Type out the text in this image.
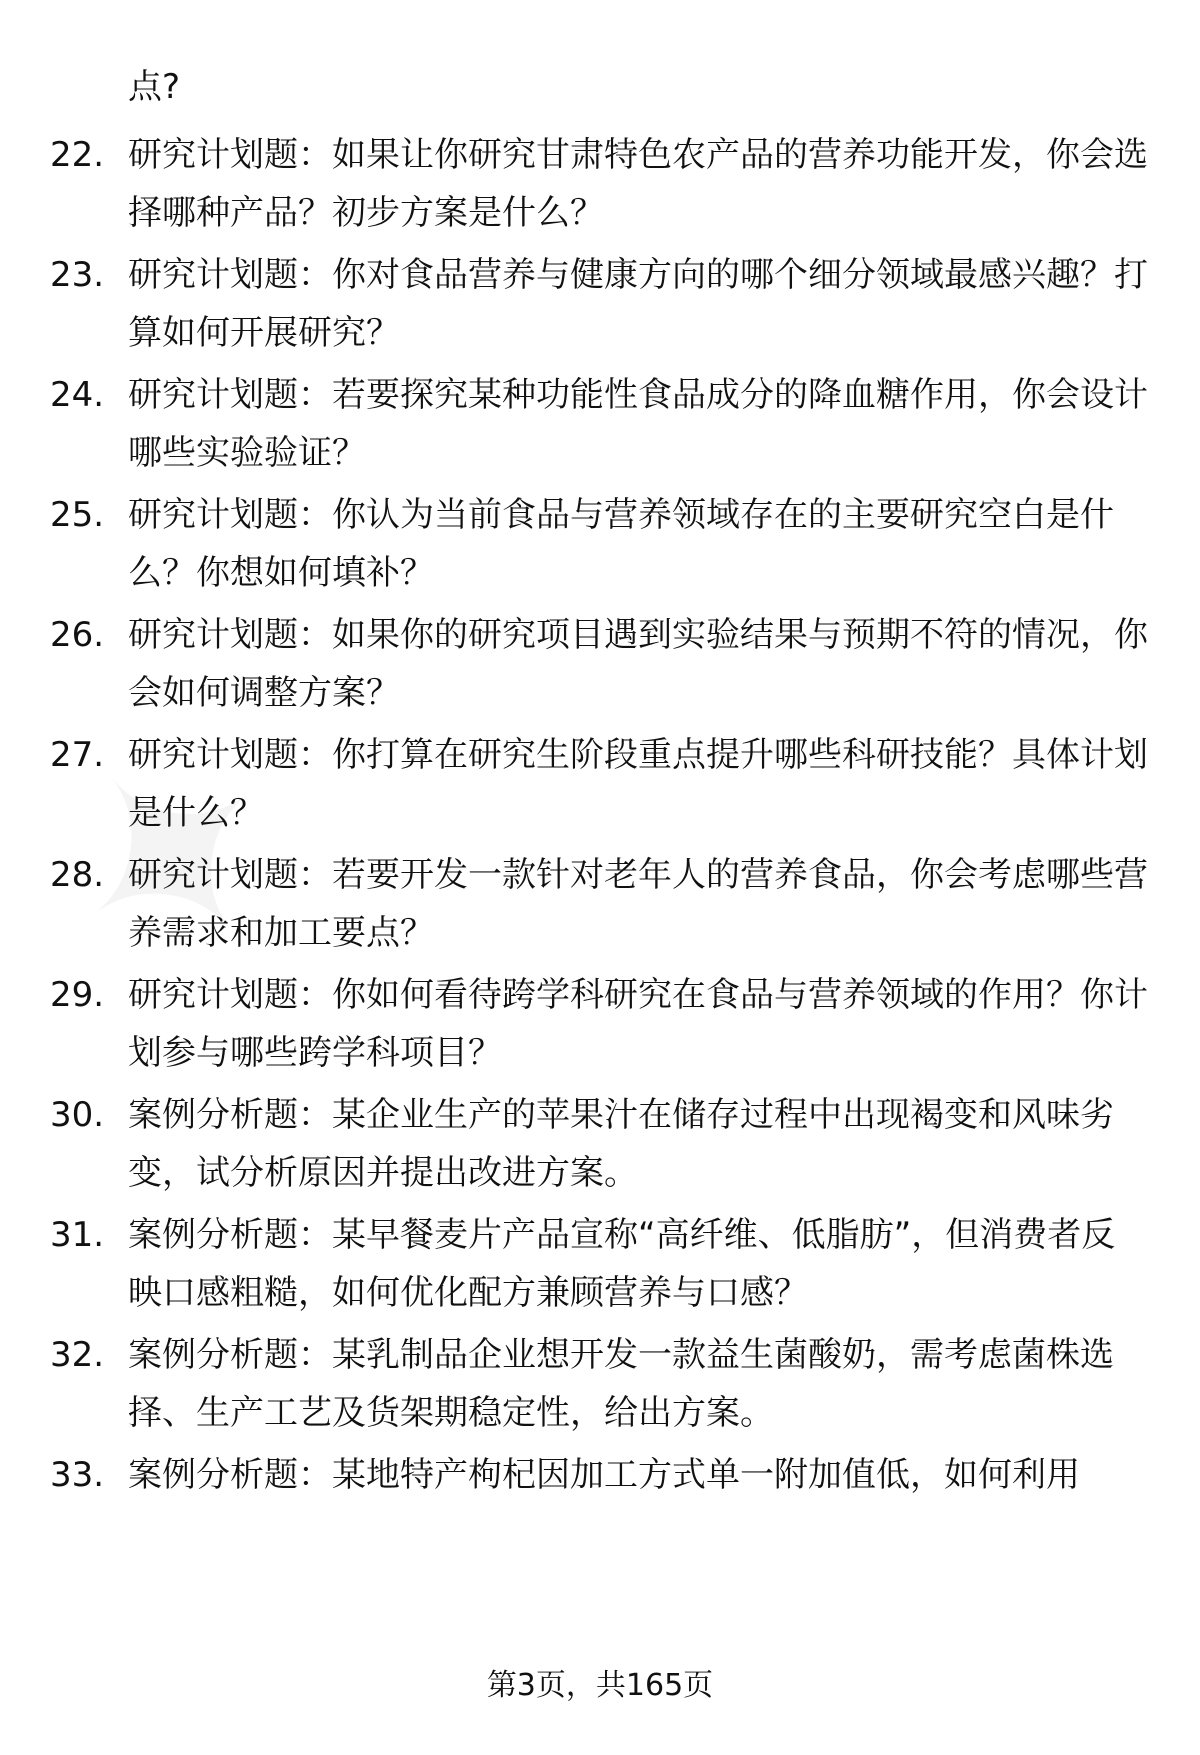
点?

22. 研究计划题：如果让你研究甘肃特色农产品的营养功能开发，你会选择哪种产品？初步方案是什么？

23. 研究计划题：你对食品营养与健康方向的哪个细分领域最感兴趣？打算如何开展研究？

24. 研究计划题：若要探究某种功能性食品成分的降血糖作用，你会设计哪些实验验证？

25. 研究计划题：你认为当前食品与营养领域存在的主要研究空白是什么？你想如何填补？

26. 研究计划题：如果你的研究项目遇到实验结果与预期不符的情况，你会如何调整方案？

27. 研究计划题：你打算在研究生阶段重点提升哪些科研技能？具体计划是什么？

28. 研究计划题：若要开发一款针对老年人的营养食品，你会考虑哪些营养需求和加工要点？

29. 研究计划题：你如何看待跨学科研究在食品与营养领域的作用？你计划参与哪些跨学科项目？

30. 案例分析题：某企业生产的苹果汁在储存过程中出现褐变和风味劣变，试分析原因并提出改进方案。

31. 案例分析题：某早餐麦片产品宣称“高纤维、低脂肪”，但消费者反映口感粗糙，如何优化配方兼顾营养与口感？

32. 案例分析题：某乳制品企业想开发一款益生菌酸奶，需考虑菌株选择、生产工艺及货架期稳定性，给出方案。

33. 案例分析题：某地特产枸杞因加工方式单一附加值低，如何利用

第3页，共165页
